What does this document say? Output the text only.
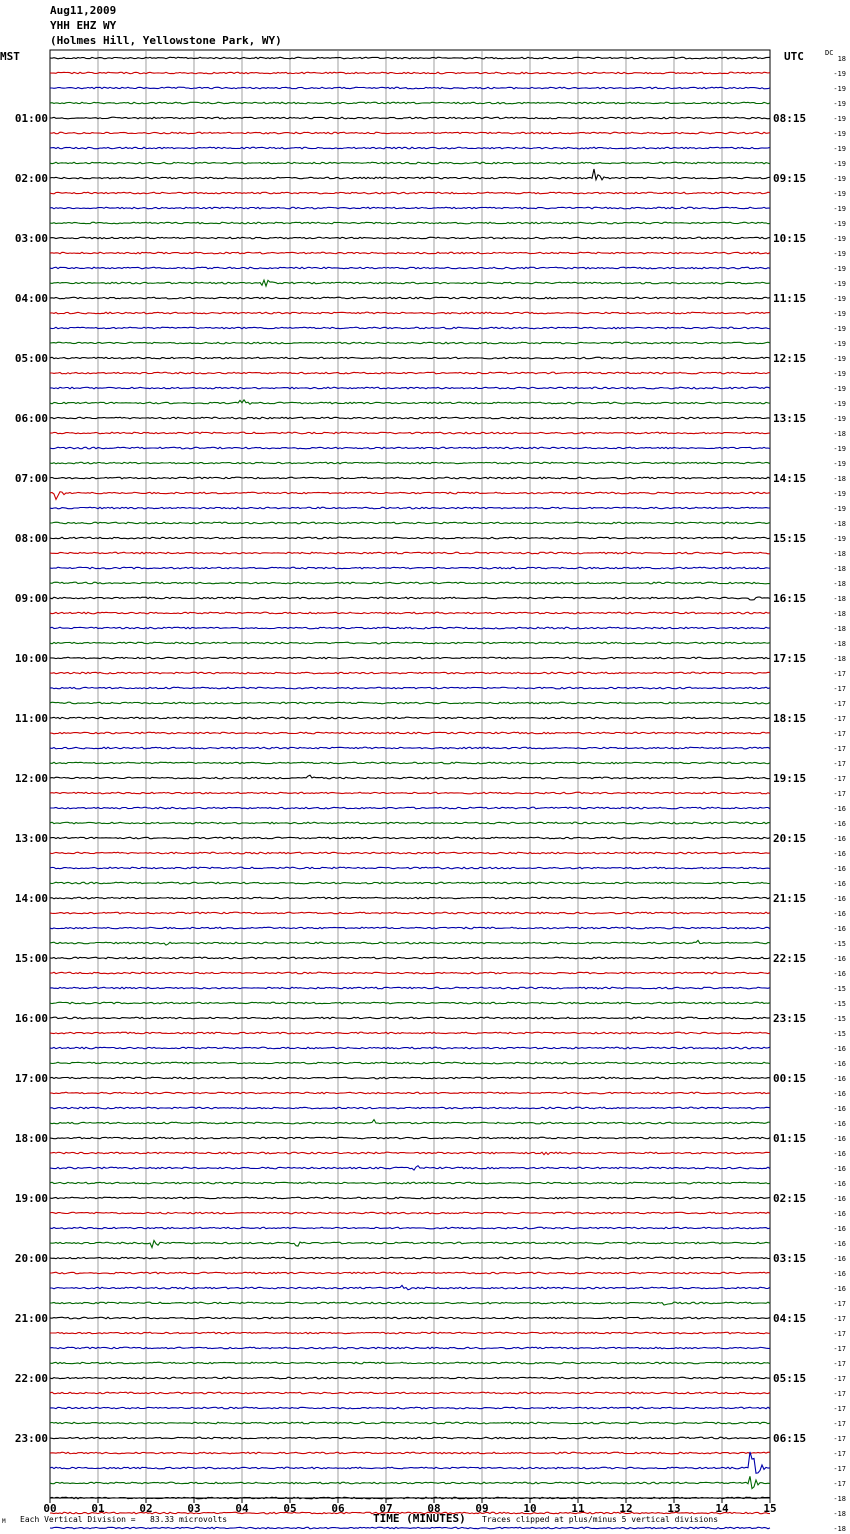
Aug11,2009
YHH EHZ WY
(Holmes Hill, Yellowstone Park, WY)
MST	UTC	DC
TIME (MINUTES)
Each Vertical Division =   83.33 microvolts	Traces clipped at plus/minus 5 vertical divisions
M
00	01	02	03	04	05	06	07	08	09	10	11	12	13	14	15
18
-19
-19
-19
-19
-19
-19
-19
-19
-19
-19
-19
-19
-19
-19
-19
-19
-19
-19
-19
-19
-19
-19
-19
-19
-18
-19
-19
-18
-19
-19
-18
-19
-18
-18
-18
-18
-18
-18
-18
-18
-17
-17
-17
-17
-17
-17
-17
-17
-17
-16
-16
-16
-16
-16
-16
-16
-16
-16
-15
-16
-16
-15
-15
-15
-15
-16
-16
-16
-16
-16
-16
-16
-16
-16
-16
-16
-16
-16
-16
-16
-16
-16
-17
-17
-17
-17
-17
-17
-17
-17
-17
-17
-17
-17
-17
-18
-18
-18
01:00	08:15
02:00	09:15
03:00	10:15
04:00	11:15
05:00	12:15
06:00	13:15
07:00	14:15
08:00	15:15
09:00	16:15
10:00	17:15
11:00	18:15
12:00	19:15
13:00	20:15
14:00	21:15
15:00	22:15
16:00	23:15
17:00	00:15
18:00	01:15
19:00	02:15
20:00	03:15
21:00	04:15
22:00	05:15
23:00	06:15
